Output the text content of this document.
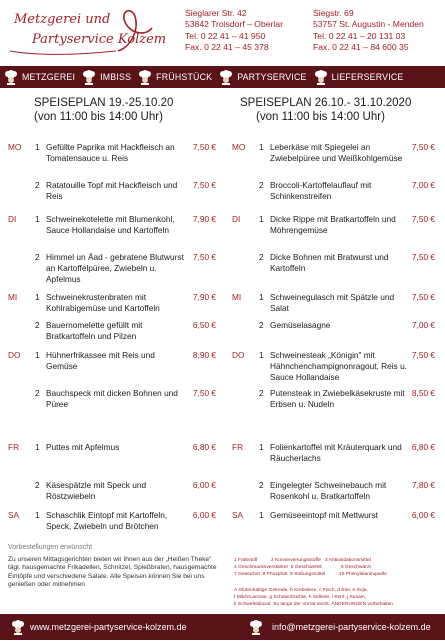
Metzgerei und
Partyservice Kolzem
Sieglarer Str. 42
53842 Troisdorf – Oberlar
Tel. 0 22 41 – 41 950
Fax. 0 22 41 – 45 378
Siegstr. 69
53757 St. Augustin - Menden
Tel. 0 22 41 – 20 131 03
Fax. 0 22 41 – 84 600 35
METZGEREI	IMBISS	FRÜHSTÜCK	PARTYSERVICE	LIEFERSERVICE
SPEISEPLAN 19.-25.10.20
(von 11:00 bis 14:00 Uhr)
MO 1 Gefüllte Paprika mit Hackfleisch an Tomatensauce u. Reis
7,50 €
2 Ratatouille Topf mit Hackfleisch und Reis
7,50 €
DI 1 Schweinekotelette mit Blumenkohl, Sauce Hollandaise und Kartoffeln
7,90 €
2 Himmel un Äad - gebratene Blutwurst an Kartoffelpüree, Zwiebeln u. Apfelmus
7,50 €
MI 1 Schweinekrustenbraten mit Kohlrabigemüse und Kartoffeln
7,90 €
2 Bauernomelette gefüllt mit Bratkartoffeln und Pilzen
6,50 €
DO 1 Hühnerfrikassee mit Reis und Gemüse
8,90 €
2 Bauchspeck mit dicken Bohnen und Püree
7,50 €
FR 1 Puttes mit Apfelmus	6,80 €
2 Käsespätzle mit Speck und Röstzwiebeln
6,00 €
SA 1 Schaschlik Eintopf mit Kartoffeln, Speck, Zwiebeln und Brötchen
6,00 €
SPEISEPLAN 26.10.- 31.10.2020
(von 11:00 bis 14:00 Uhr)
MO 1 Leberkäse mit Spiegelei an Zwiebelpüree und Weißkohlgemüse
7,50 €
2 Broccoli-Kartoffelauflauf mit Schinkenstreifen
7,00 €
DI 1 Dicke Rippe mit Bratkartoffeln und Möhrengemüse
7,50 €
2 Dicke Bohnen mit Bratwurst und Kartoffeln
7,50 €
MI 1 Schweinegulasch mit Spätzle und Salat
7,50 €
2 Gemüselasagne	7,00 €
DO 1 Schweinesteak „Königin" mit Hähnchenchampignonragout, Reis u. Sauce Hollandaise
7,50 €
2 Putensteak in Zwiebelkäsekruste mit Erbsen u. Nudeln
8,50 €
FR 1 Folienkartoffel mit Kräuterquark und Räucherlachs
6,80 €
2 Eingelegter Schweinebauch mit Rosenkohl u. Bratkartoffeln
7,80 €
SA 1 Gemüseeintopf mit Mettwurst	6,00 €
Vorbestellungen erwünscht
Zu unseren Mittagsgerichten bieten wir Ihnen aus der „Heißen Theke" tägl. hausgemachte Frikadellen, Schnitzel, Spießbraten, hausgemachte Eintöpfe und verschiedene Salate. Alle Speisen können Sie bei uns genießen oder mitnehmen
1 Farbstoff          2 Konservierungsstoffe   3 Antioxidationsmittel
4 Geschmacksverstärker  5 Geschwefelt              6 Geschwärzt
7 Gewachst  8 Phosphat  9 Süßungsmittel          10 Phenylalaninquelle
A Glutenhaltige Getreide, b Krebstiere, c Fisch, d Eier, e Soja,
f Milch/Lactose, g Schalenfrüchte, h Sellerie, i Senf, j Sesam,
k Schwefeldioxid  So lange der Vorrat reicht. ÄNDERUNGEN vorbehalten
www.metzgerei-partyservice-kolzem.de	info@metzgerei-partyservice-kolzem.de
